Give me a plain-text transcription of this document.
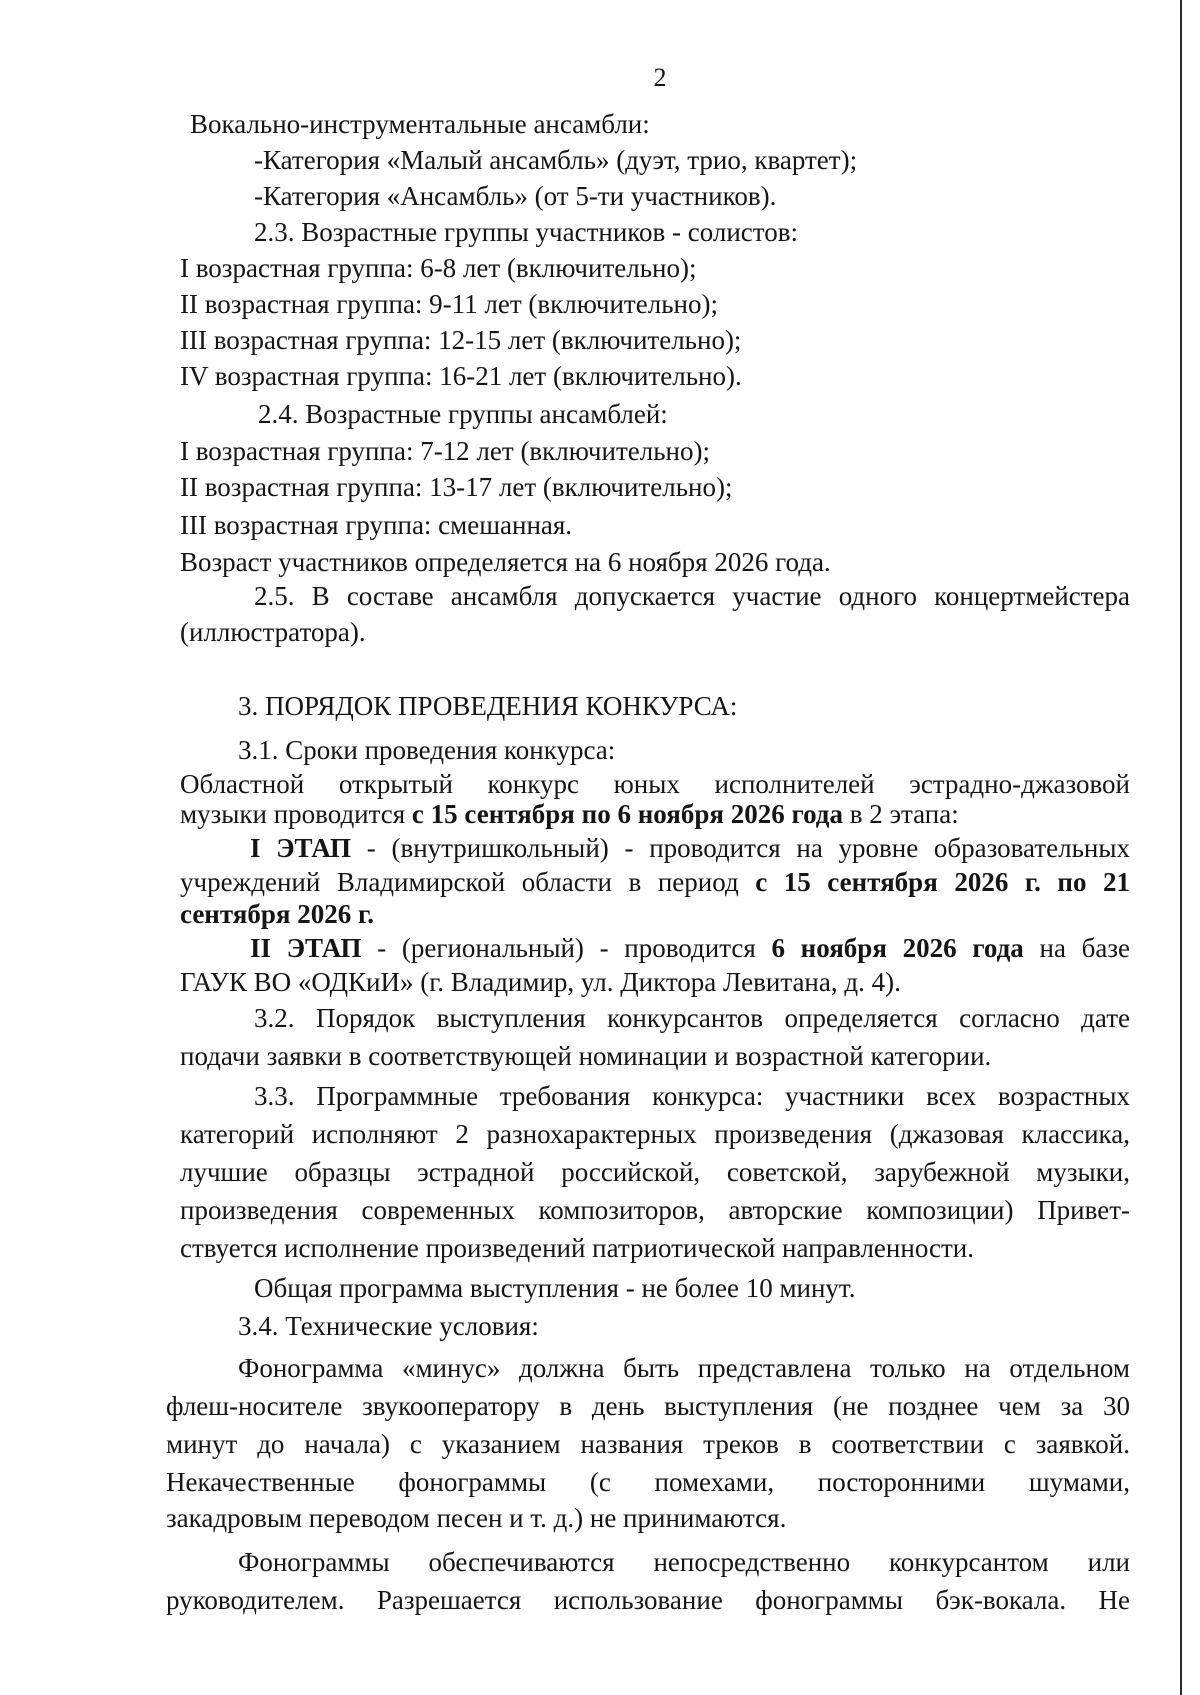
2
Вокально-инструментальные ансамбли:
-Категория «Малый ансамбль» (дуэт, трио, квартет);
-Категория «Ансамбль» (от 5-ти участников).
2.3. Возрастные группы участников - солистов:
I возрастная группа: 6-8 лет (включительно);
II возрастная группа: 9-11 лет (включительно);
III возрастная группа: 12-15 лет (включительно);
IV возрастная группа: 16-21 лет (включительно).
2.4. Возрастные группы ансамблей:
I возрастная группа: 7-12 лет (включительно);
II возрастная группа: 13-17 лет (включительно);
III возрастная группа: смешанная.
Возраст участников определяется на 6 ноября 2026 года.
2.5. В составе ансамбля допускается участие одного концертмейстера
(иллюстратора).
3. ПОРЯДОК ПРОВЕДЕНИЯ КОНКУРСА:
3.1. Сроки проведения конкурса:
Областной открытый конкурс юных исполнителей эстрадно-джазовой
музыки проводится с 15 сентября по 6 ноября 2026 года в 2 этапа:
I ЭТАП - (внутришкольный) - проводится на уровне образовательных
учреждений Владимирской области в период с 15 сентября 2026 г. по 21
сентября 2026 г.
II ЭТАП - (региональный) - проводится 6 ноября 2026 года на базе
ГАУК ВО «ОДКиИ» (г. Владимир, ул. Диктора Левитана, д. 4).
3.2. Порядок выступления конкурсантов определяется согласно дате
подачи заявки в соответствующей номинации и возрастной категории.
3.3. Программные требования конкурса: участники всех возрастных
категорий исполняют 2 разнохарактерных произведения (джазовая классика,
лучшие образцы эстрадной российской, советской, зарубежной музыки,
произведения современных композиторов, авторские композиции) Привет-
ствуется исполнение произведений патриотической направленности.
Общая программа выступления - не более 10 минут.
3.4. Технические условия:
Фонограмма «минус» должна быть представлена только на отдельном
флеш-носителе звукооператору в день выступления (не позднее чем за 30
минут до начала) с указанием названия треков в соответствии с заявкой.
Некачественные фонограммы (с помехами, посторонними шумами,
закадровым переводом песен и т. д.) не принимаются.
Фонограммы обеспечиваются непосредственно конкурсантом или
руководителем. Разрешается использование фонограммы бэк-вокала. Не
